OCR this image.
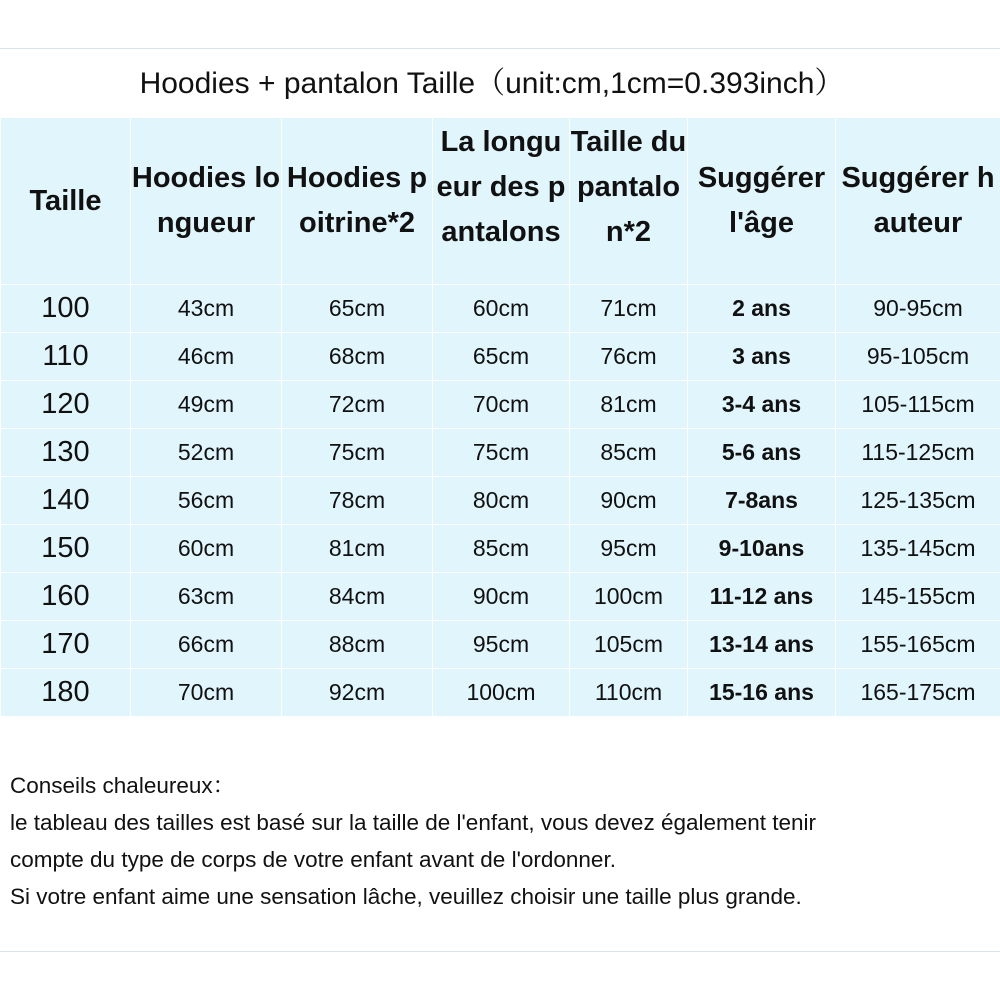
Hoodies + pantalon Taille（unit:cm,1cm=0.393inch）
Taille	Hoodies longueur	Hoodies poitrine*2	La longueur des pantalons	Taille du pantalon*2	Suggérer l'âge	Suggérer hauteur

100	43cm	65cm	60cm	71cm	2 ans	90-95cm
110	46cm	68cm	65cm	76cm	3 ans	95-105cm
120	49cm	72cm	70cm	81cm	3-4 ans	105-115cm
130	52cm	75cm	75cm	85cm	5-6 ans	115-125cm
140	56cm	78cm	80cm	90cm	7-8ans	125-135cm
150	60cm	81cm	85cm	95cm	9-10ans	135-145cm
160	63cm	84cm	90cm	100cm	11-12 ans	145-155cm
170	66cm	88cm	95cm	105cm	13-14 ans	155-165cm
180	70cm	92cm	100cm	110cm	15-16 ans	165-175cm

Conseils chaleureux：

le tableau des tailles est basé sur la taille de l'enfant, vous devez également tenir

compte du type de corps de votre enfant avant de l'ordonner.

Si votre enfant aime une sensation lâche, veuillez choisir une taille plus grande.
